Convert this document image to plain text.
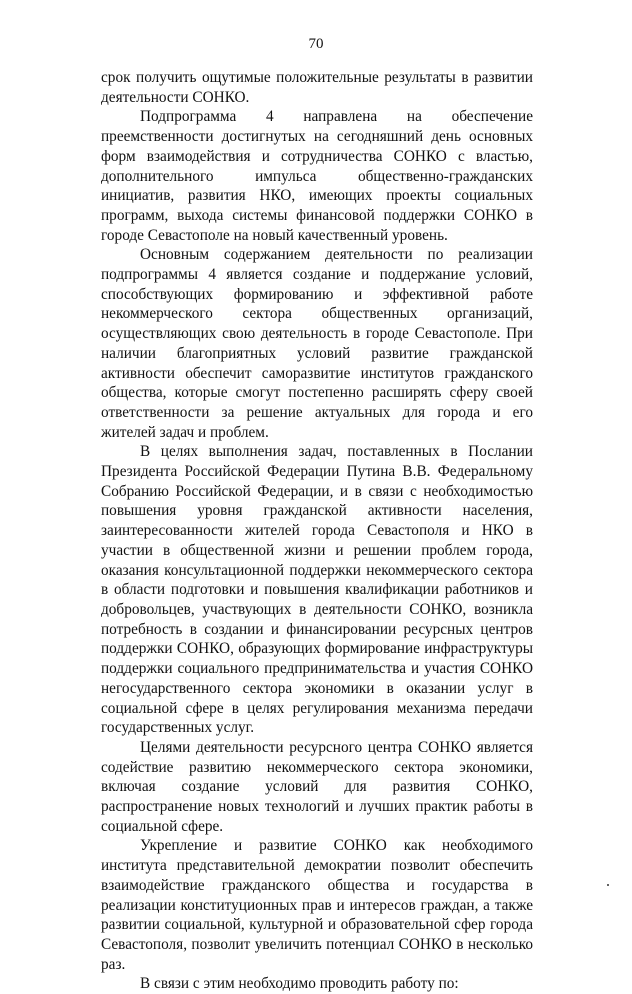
70

срок получить ощутимые положительные результаты в развитии деятельности СОНКО.

Подпрограмма 4 направлена на обеспечение преемственности достигнутых на сегодняшний день основных форм взаимодействия и сотрудничества СОНКО с властью, дополнительного импульса общественно-гражданских инициатив, развития НКО, имеющих проекты социальных программ, выхода системы финансовой поддержки СОНКО в городе Севастополе на новый качественный уровень.

Основным содержанием деятельности по реализации подпрограммы 4 является создание и поддержание условий, способствующих формированию и эффективной работе некоммерческого сектора общественных организаций, осуществляющих свою деятельность в городе Севастополе. При наличии благоприятных условий развитие гражданской активности обеспечит саморазвитие институтов гражданского общества, которые смогут постепенно расширять сферу своей ответственности за решение актуальных для города и его жителей задач и проблем.

В целях выполнения задач, поставленных в Послании Президента Российской Федерации Путина В.В. Федеральному Собранию Российской Федерации, и в связи с необходимостью повышения уровня гражданской активности населения, заинтересованности жителей города Севастополя и НКО в участии в общественной жизни и решении проблем города, оказания консультационной поддержки некоммерческого сектора в области подготовки и повышения квалификации работников и добровольцев, участвующих в деятельности СОНКО, возникла потребность в создании и финансировании ресурсных центров поддержки СОНКО, образующих формирование инфраструктуры поддержки социального предпринимательства и участия СОНКО негосударственного сектора экономики в оказании услуг в социальной сфере в целях регулирования механизма передачи государственных услуг.

Целями деятельности ресурсного центра СОНКО является содействие развитию некоммерческого сектора экономики, включая создание условий для развития СОНКО, распространение новых технологий и лучших практик работы в социальной сфере.

Укрепление и развитие СОНКО как необходимого института представительной демократии позволит обеспечить взаимодействие гражданского общества и государства в реализации конституционных прав и интересов граждан, а также развитии социальной, культурной и образовательной сфер города Севастополя, позволит увеличить потенциал СОНКО в несколько раз.

В связи с этим необходимо проводить работу по:
